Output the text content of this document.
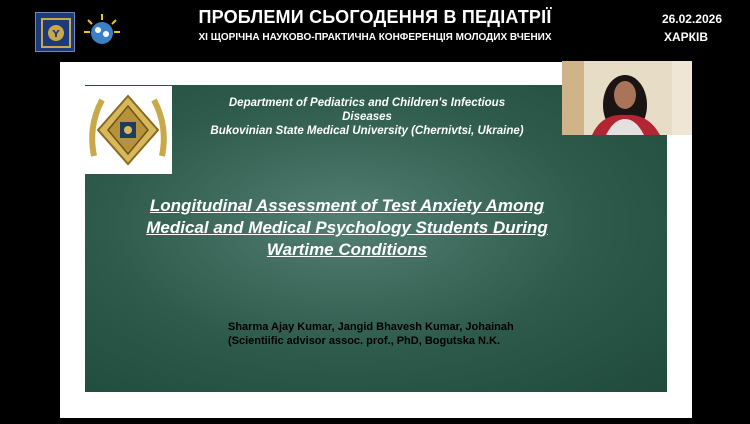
Y
ПРОБЛЕМИ СЬОГОДЕННЯ В ПЕДІАТРІЇ
XI ЩОРІЧНА НАУКОВО-ПРАКТИЧНА КОНФЕРЕНЦІЯ МОЛОДИХ ВЧЕНИХ
26.02.2026
ХАРКІВ
Department of Pediatrics and Children's Infectious
Diseases
Bukovinian State Medical University (Chernivtsi, Ukraine)
Longitudinal Assessment of Test Anxiety Among
Medical and Medical Psychology Students During
Wartime Conditions
Sharma Ajay Kumar, Jangid Bhavesh Kumar, Johainah
(Scientiific advisor assoc. prof., PhD, Bogutska N.K.
